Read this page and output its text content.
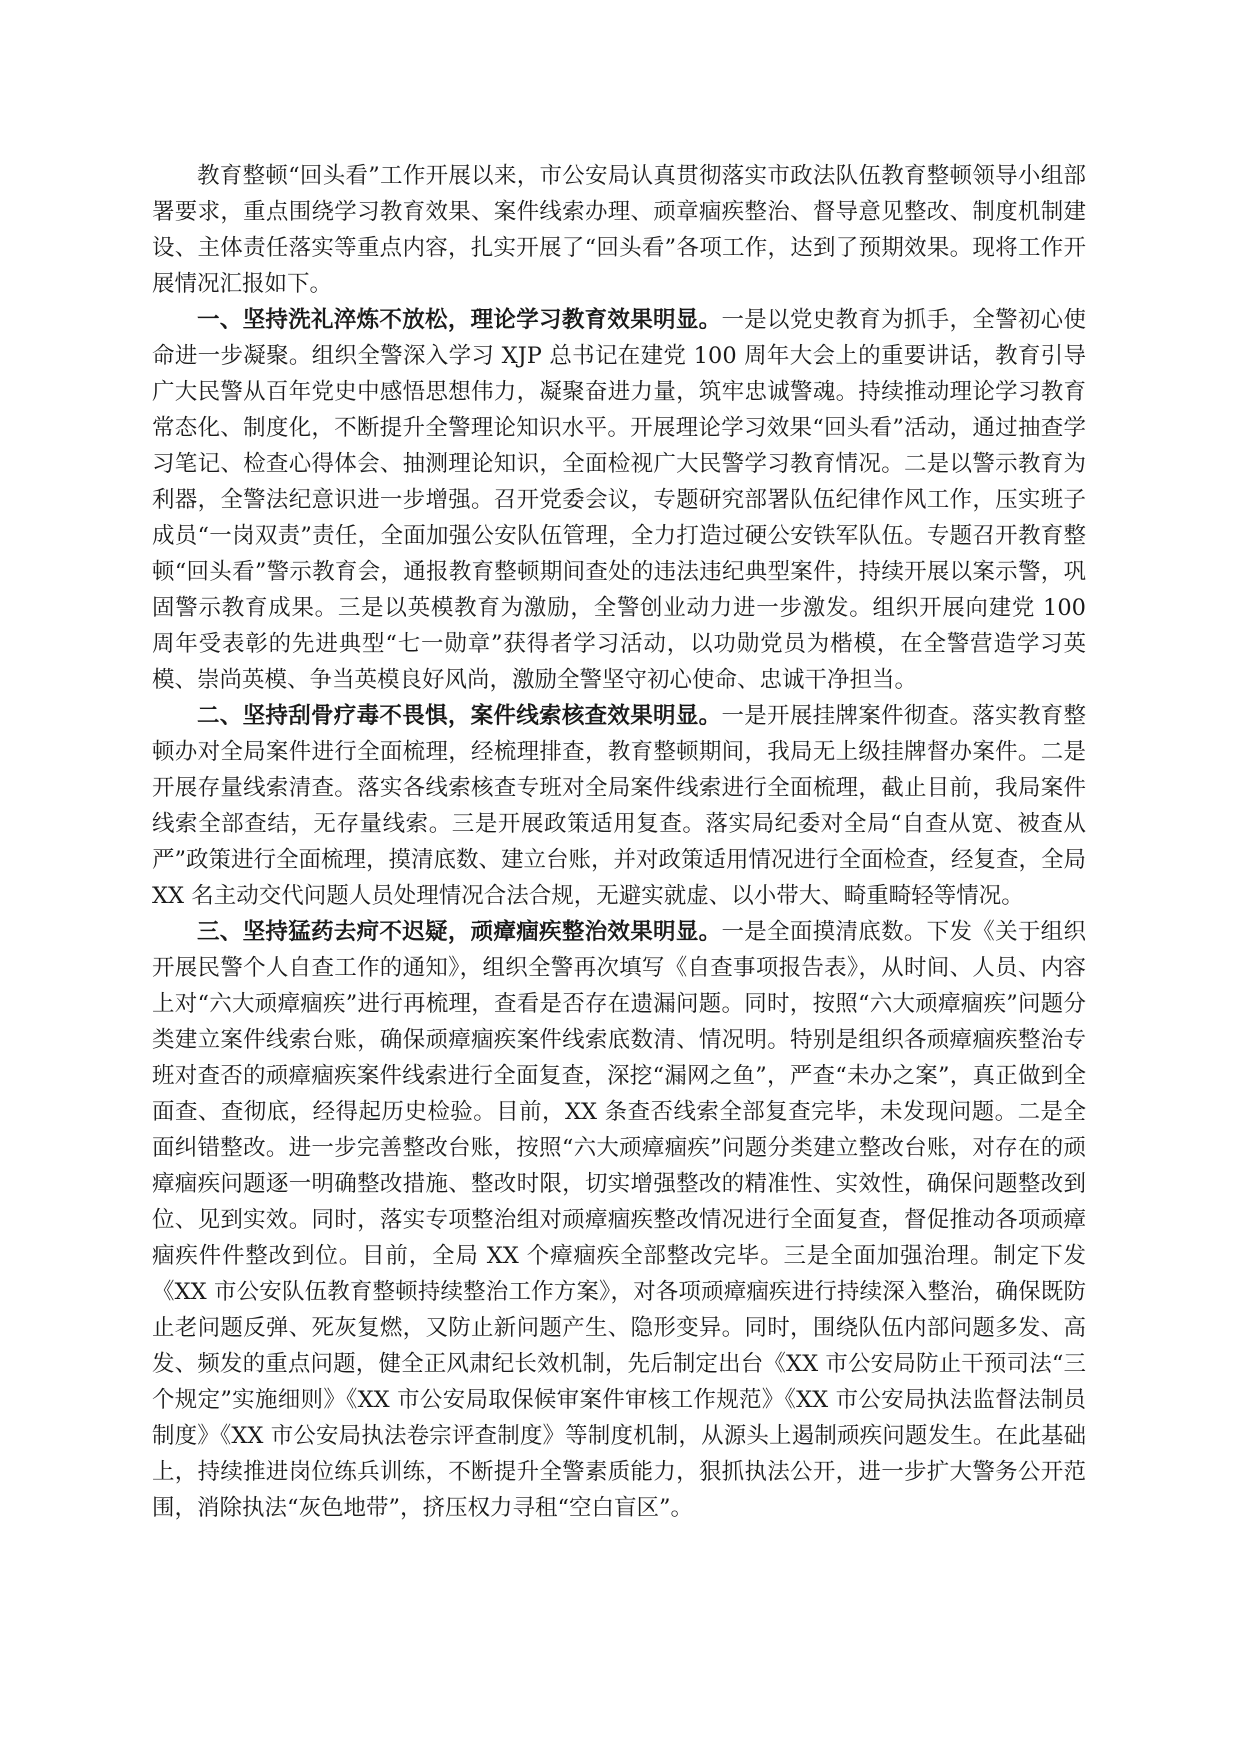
教育整顿“回头看”工作开展以来，市公安局认真贯彻落实市政法队伍教育整顿领导小组部署要求，重点围绕学习教育效果、案件线索办理、顽章痼疾整治、督导意见整改、制度机制建设、主体责任落实等重点内容，扎实开展了“回头看”各项工作，达到了预期效果。现将工作开展情况汇报如下。

一、坚持洗礼淬炼不放松，理论学习教育效果明显。一是以党史教育为抓手，全警初心使命进一步凝聚。组织全警深入学习 XJP 总书记在建党 100 周年大会上的重要讲话，教育引导广大民警从百年党史中感悟思想伟力，凝聚奋进力量，筑牢忠诚警魂。持续推动理论学习教育常态化、制度化，不断提升全警理论知识水平。开展理论学习效果“回头看”活动，通过抽查学习笔记、检查心得体会、抽测理论知识，全面检视广大民警学习教育情况。二是以警示教育为利器，全警法纪意识进一步增强。召开党委会议，专题研究部署队伍纪律作风工作，压实班子成员“一岗双责”责任，全面加强公安队伍管理，全力打造过硬公安铁军队伍。专题召开教育整顿“回头看”警示教育会，通报教育整顿期间查处的违法违纪典型案件，持续开展以案示警，巩固警示教育成果。三是以英模教育为激励，全警创业动力进一步激发。组织开展向建党 100 周年受表彰的先进典型“七一勋章”获得者学习活动，以功勋党员为楷模，在全警营造学习英模、崇尚英模、争当英模良好风尚，激励全警坚守初心使命、忠诚干净担当。

二、坚持刮骨疗毒不畏惧，案件线索核查效果明显。一是开展挂牌案件彻查。落实教育整顿办对全局案件进行全面梳理，经梳理排查，教育整顿期间，我局无上级挂牌督办案件。二是开展存量线索清查。落实各线索核查专班对全局案件线索进行全面梳理，截止目前，我局案件线索全部查结，无存量线索。三是开展政策适用复查。落实局纪委对全局“自查从宽、被查从严”政策进行全面梳理，摸清底数、建立台账，并对政策适用情况进行全面检查，经复查，全局 XX 名主动交代问题人员处理情况合法合规，无避实就虚、以小带大、畸重畸轻等情况。

三、坚持猛药去疴不迟疑，顽瘴痼疾整治效果明显。一是全面摸清底数。下发《关于组织开展民警个人自查工作的通知》，组织全警再次填写《自查事项报告表》，从时间、人员、内容上对“六大顽瘴痼疾”进行再梳理，查看是否存在遗漏问题。同时，按照“六大顽瘴痼疾”问题分类建立案件线索台账，确保顽瘴痼疾案件线索底数清、情况明。特别是组织各顽瘴痼疾整治专班对查否的顽瘴痼疾案件线索进行全面复查，深挖“漏网之鱼”，严查“未办之案”，真正做到全面查、查彻底，经得起历史检验。目前，XX 条查否线索全部复查完毕，未发现问题。二是全面纠错整改。进一步完善整改台账，按照“六大顽瘴痼疾”问题分类建立整改台账，对存在的顽瘴痼疾问题逐一明确整改措施、整改时限，切实增强整改的精准性、实效性，确保问题整改到位、见到实效。同时，落实专项整治组对顽瘴痼疾整改情况进行全面复查，督促推动各项顽瘴痼疾件件整改到位。目前，全局 XX 个瘴痼疾全部整改完毕。三是全面加强治理。制定下发《XX 市公安队伍教育整顿持续整治工作方案》，对各项顽瘴痼疾进行持续深入整治，确保既防止老问题反弹、死灰复燃，又防止新问题产生、隐形变异。同时，围绕队伍内部问题多发、高发、频发的重点问题，健全正风肃纪长效机制，先后制定出台《XX 市公安局防止干预司法“三个规定”实施细则》《XX 市公安局取保候审案件审核工作规范》《XX 市公安局执法监督法制员制度》《XX 市公安局执法卷宗评查制度》等制度机制，从源头上遏制顽疾问题发生。在此基础上，持续推进岗位练兵训练，不断提升全警素质能力，狠抓执法公开，进一步扩大警务公开范围，消除执法“灰色地带”，挤压权力寻租“空白盲区”。
